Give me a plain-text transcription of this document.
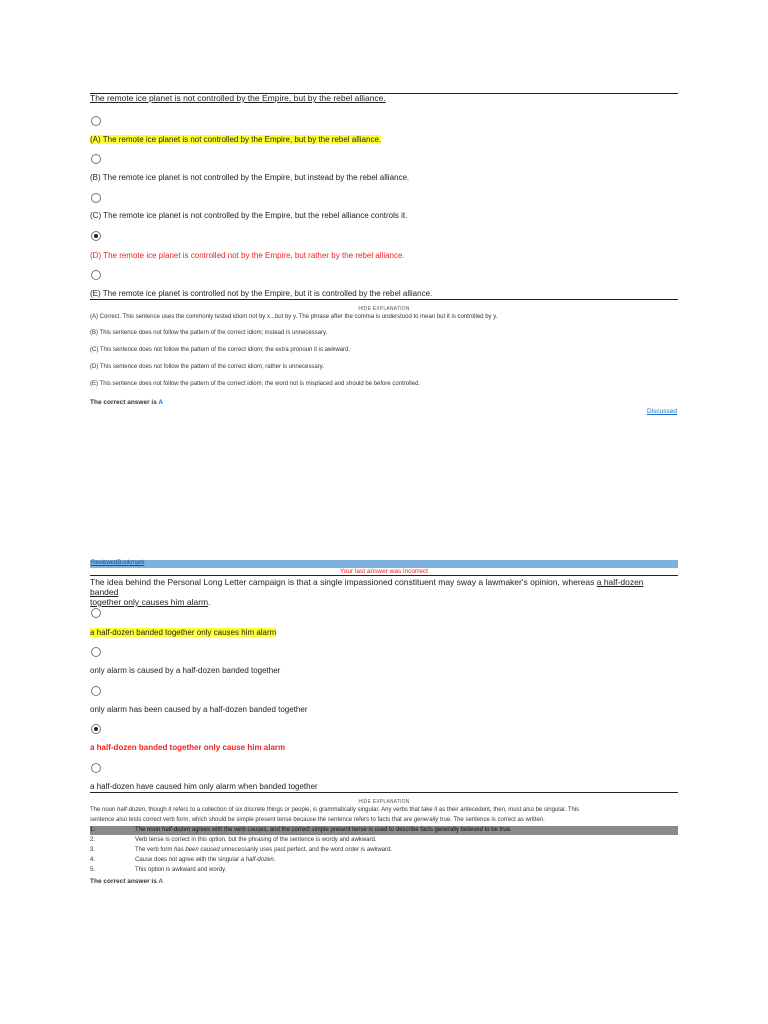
The remote ice planet is not controlled by the Empire, but by the rebel alliance.
(A) The remote ice planet is not controlled by the Empire, but by the rebel alliance.
(B) The remote ice planet is not controlled by the Empire, but instead by the rebel alliance.
(C) The remote ice planet is not controlled by the Empire, but the rebel alliance controls it.
(D) The remote ice planet is controlled not by the Empire, but rather by the rebel alliance.
(E) The remote ice planet is controlled not by the Empire, but it is controlled by the rebel alliance.
HIDE EXPLANATION
(A) Correct. This sentence uses the commonly tested idiom not by x...but by y. The phrase after the comma is understood to mean but it is controlled by y.
(B) This sentence does not follow the pattern of the correct idiom; instead is unnecessary.
(C) This sentence does not follow the pattern of the correct idiom; the extra pronoun it is awkward.
(D) This sentence does not follow the pattern of the correct idiom; rather is unnecessary.
(E) This sentence does not follow the pattern of the correct idiom; the word not is misplaced and should be before controlled.
The correct answer is A
Discussed
ReviewedBookmark
Your last answer was incorrect
The idea behind the Personal Long Letter campaign is that a single impassioned constituent may sway a lawmaker's opinion, whereas a half-dozen banded
together only causes him alarm.
a half-dozen banded together only causes him alarm
only alarm is caused by a half-dozen banded together
only alarm has been caused by a half-dozen banded together
a half-dozen banded together only cause him alarm
a half-dozen have caused him only alarm when banded together
HIDE EXPLANATION
The noun half-dozen, though it refers to a collection of six discrete things or people, is grammatically singular. Any verbs that take it as their antecedent, then, must also be singular. This
sentence also tests correct verb form, which should be simple present tense because the sentence refers to facts that are generally true. The sentence is correct as written.
1.	The noun half-dozen agrees with the verb causes, and the correct simple present tense is used to describe facts generally believed to be true.
2.	Verb tense is correct in this option, but the phrasing of the sentence is wordy and awkward.
3.	The verb form has been caused unnecessarily uses past perfect, and the word order is awkward.
4.	Cause does not agree with the singular a half-dozen.
5.	This option is awkward and wordy.
The correct answer is A
